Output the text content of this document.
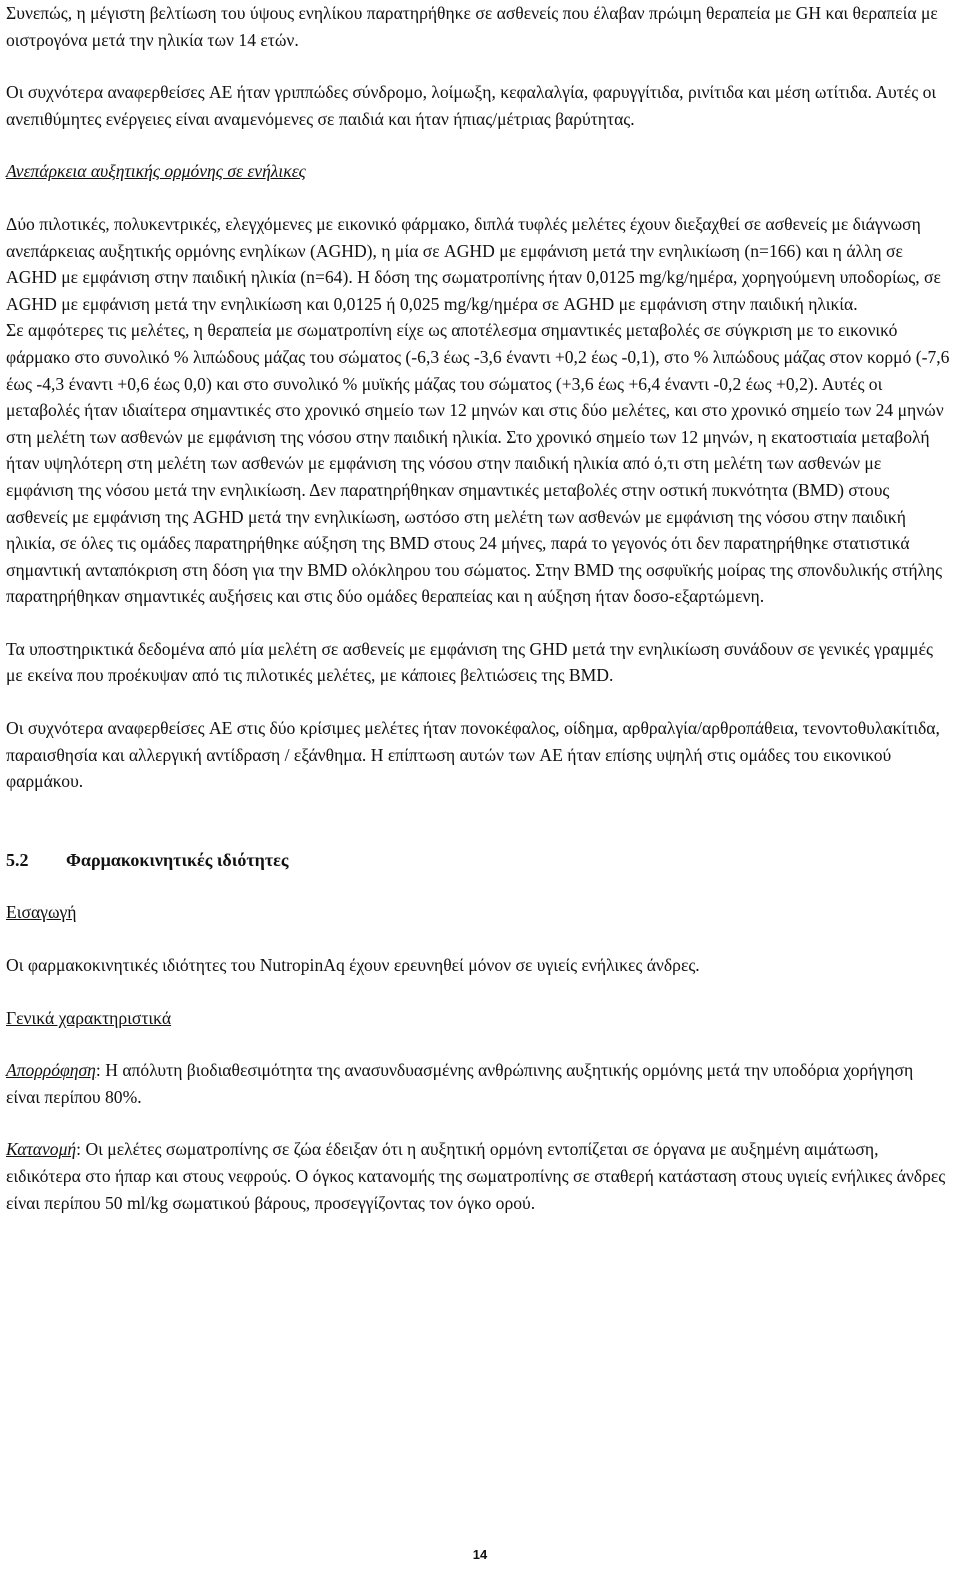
Συνεπώς, η μέγιστη βελτίωση του ύψους ενηλίκου παρατηρήθηκε σε ασθενείς που έλαβαν πρώιμη θεραπεία με GH και θεραπεία με οιστρογόνα μετά την ηλικία των 14 ετών.

Οι συχνότερα αναφερθείσες AE ήταν γριππώδες σύνδρομο, λοίμωξη, κεφαλαλγία, φαρυγγίτιδα, ρινίτιδα και μέση ωτίτιδα. Αυτές οι ανεπιθύμητες ενέργειες είναι αναμενόμενες σε παιδιά και ήταν ήπιας/μέτριας βαρύτητας.

Ανεπάρκεια αυξητικής ορμόνης σε ενήλικες

Δύο πιλοτικές, πολυκεντρικές, ελεγχόμενες με εικονικό φάρμακο, διπλά τυφλές μελέτες έχουν διεξαχθεί σε ασθενείς με διάγνωση ανεπάρκειας αυξητικής ορμόνης ενηλίκων (AGHD), η μία σε AGHD με εμφάνιση μετά την ενηλικίωση (n=166) και η άλλη σε AGHD με εμφάνιση στην παιδική ηλικία (n=64). Η δόση της σωματροπίνης ήταν 0,0125 mg/kg/ημέρα, χορηγούμενη υποδορίως, σε AGHD με εμφάνιση μετά την ενηλικίωση και 0,0125 ή 0,025 mg/kg/ημέρα σε AGHD με εμφάνιση στην παιδική ηλικία.

Σε αμφότερες τις μελέτες, η θεραπεία με σωματροπίνη είχε ως αποτέλεσμα σημαντικές μεταβολές σε σύγκριση με το εικονικό φάρμακο στο συνολικό % λιπώδους μάζας του σώματος (-6,3 έως -3,6 έναντι +0,2 έως -0,1), στο % λιπώδους μάζας στον κορμό (-7,6 έως -4,3 έναντι +0,6 έως 0,0) και στο συνολικό % μυϊκής μάζας του σώματος (+3,6 έως +6,4 έναντι -0,2 έως +0,2). Αυτές οι μεταβολές ήταν ιδιαίτερα σημαντικές στο χρονικό σημείο των 12 μηνών και στις δύο μελέτες, και στο χρονικό σημείο των 24 μηνών στη μελέτη των ασθενών με εμφάνιση της νόσου στην παιδική ηλικία. Στο χρονικό σημείο των 12 μηνών, η εκατοστιαία μεταβολή ήταν υψηλότερη στη μελέτη των ασθενών με εμφάνιση της νόσου στην παιδική ηλικία από ό,τι στη μελέτη των ασθενών με εμφάνιση της νόσου μετά την ενηλικίωση. Δεν παρατηρήθηκαν σημαντικές μεταβολές στην οστική πυκνότητα (BMD) στους ασθενείς με εμφάνιση της AGHD μετά την ενηλικίωση, ωστόσο στη μελέτη των ασθενών με εμφάνιση της νόσου στην παιδική ηλικία, σε όλες τις ομάδες παρατηρήθηκε αύξηση της BMD στους 24 μήνες, παρά το γεγονός ότι δεν παρατηρήθηκε στατιστικά σημαντική ανταπόκριση στη δόση για την BMD ολόκληρου του σώματος. Στην BMD της οσφυϊκής μοίρας της σπονδυλικής στήλης παρατηρήθηκαν σημαντικές αυξήσεις και στις δύο ομάδες θεραπείας και η αύξηση ήταν δοσο-εξαρτώμενη.

Τα υποστηρικτικά δεδομένα από μία μελέτη σε ασθενείς με εμφάνιση της GHD μετά την ενηλικίωση συνάδουν σε γενικές γραμμές με εκείνα που προέκυψαν από τις πιλοτικές μελέτες, με κάποιες βελτιώσεις της BMD.

Οι συχνότερα αναφερθείσες AE στις δύο κρίσιμες μελέτες ήταν πονοκέφαλος, οίδημα, αρθραλγία/αρθροπάθεια, τενοντοθυλακίτιδα, παραισθησία και αλλεργική αντίδραση / εξάνθημα. Η επίπτωση αυτών των AE ήταν επίσης υψηλή στις ομάδες του εικονικού φαρμάκου.

5.2 Φαρμακοκινητικές ιδιότητες

Εισαγωγή

Οι φαρμακοκινητικές ιδιότητες του NutropinAq έχουν ερευνηθεί μόνον σε υγιείς ενήλικες άνδρες.

Γενικά χαρακτηριστικά

Απορρόφηση: Η απόλυτη βιοδιαθεσιμότητα της ανασυνδυασμένης ανθρώπινης αυξητικής ορμόνης μετά την υποδόρια χορήγηση είναι περίπου 80%.

Κατανομή: Οι μελέτες σωματροπίνης σε ζώα έδειξαν ότι η αυξητική ορμόνη εντοπίζεται σε όργανα με αυξημένη αιμάτωση, ειδικότερα στο ήπαρ και στους νεφρούς. Ο όγκος κατανομής της σωματροπίνης σε σταθερή κατάσταση στους υγιείς ενήλικες άνδρες είναι περίπου 50 ml/kg σωματικού βάρους, προσεγγίζοντας τον όγκο ορού.

14
